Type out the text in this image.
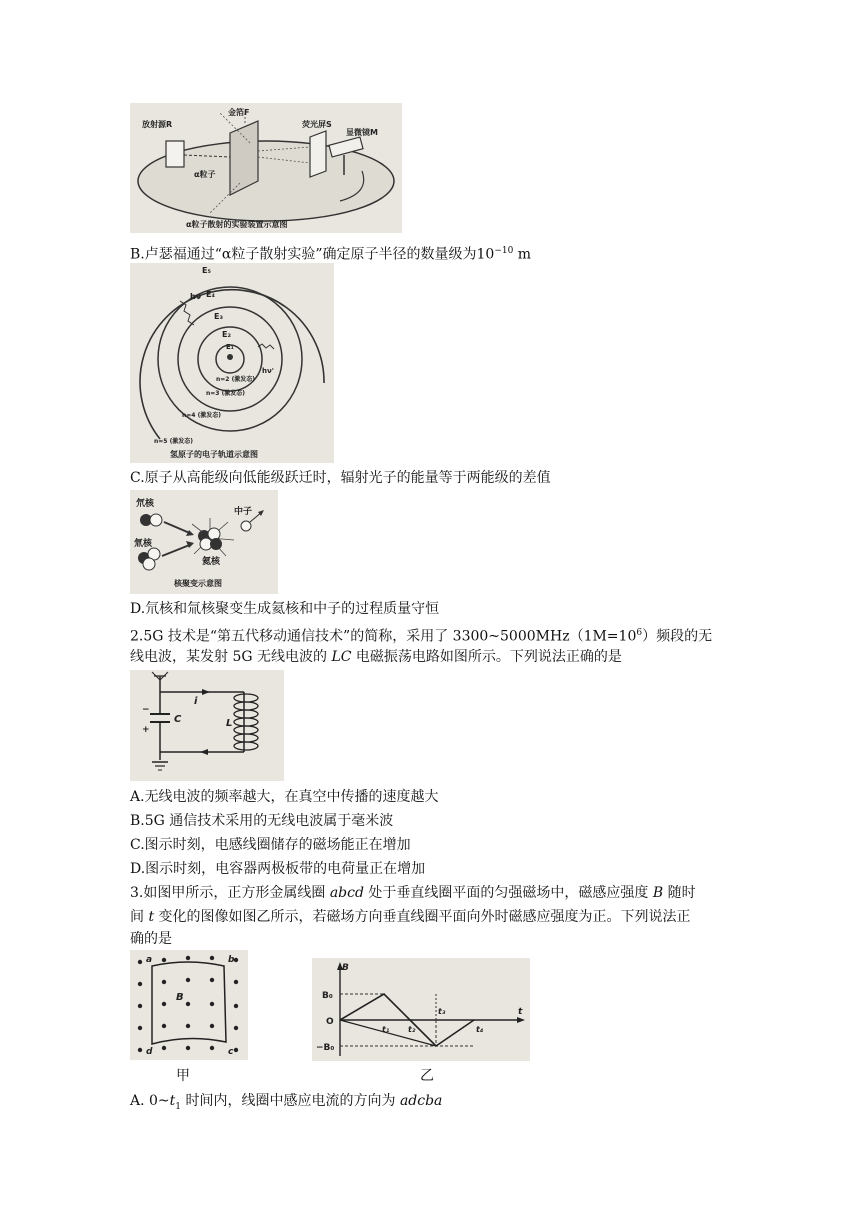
放射源R
金箔F
荧光屏S
显微镜M
α粒子
α粒子散射的实验装置示意图
B.卢瑟福通过“α粒子散射实验”确定原子半径的数量级为$10^{-10}$ m
E₅
E₄
E₃
E₂
E₁
hν
hν'
n=2 (激发态)
n=3 (激发态)
n=4 (激发态)
n=5 (激发态)
氢原子的电子轨道示意图
C.原子从高能级向低能级跃迁时，辐射光子的能量等于两能级的差值
氘核
氚核
氦核
中子
核聚变示意图
D.氘核和氚核聚变生成氦核和中子的过程质量守恒
2.5G 技术是“第五代移动通信技术”的简称，采用了 $3300\sim 5000MHz(1M=10^6)$频段的无
线电波，某发射 5G 无线电波的 LC 电磁振荡电路如图所示。下列说法正确的是
−
+
C	L
i
A.无线电波的频率越大，在真空中传播的速度越大
B.5G 通信技术采用的无线电波属于毫米波
C.图示时刻，电感线圈储存的磁场能正在增加
D.图示时刻，电容器两极板带的电荷量正在增加
3.如图甲所示，正方形金属线圈 abcd 处于垂直线圈平面的匀强磁场中，磁感应强度 B 随时
间 t 变化的图像如图乙所示，若磁场方向垂直线圈平面向外时磁感应强度为正。下列说法正
确的是
a	b
c
d
B
B
B₀
−B₀
O
t
t₁ t₂
t₃
t₄
甲	乙
A. $0\sim t_1$ 时间内，线圈中感应电流的方向为 adcba
